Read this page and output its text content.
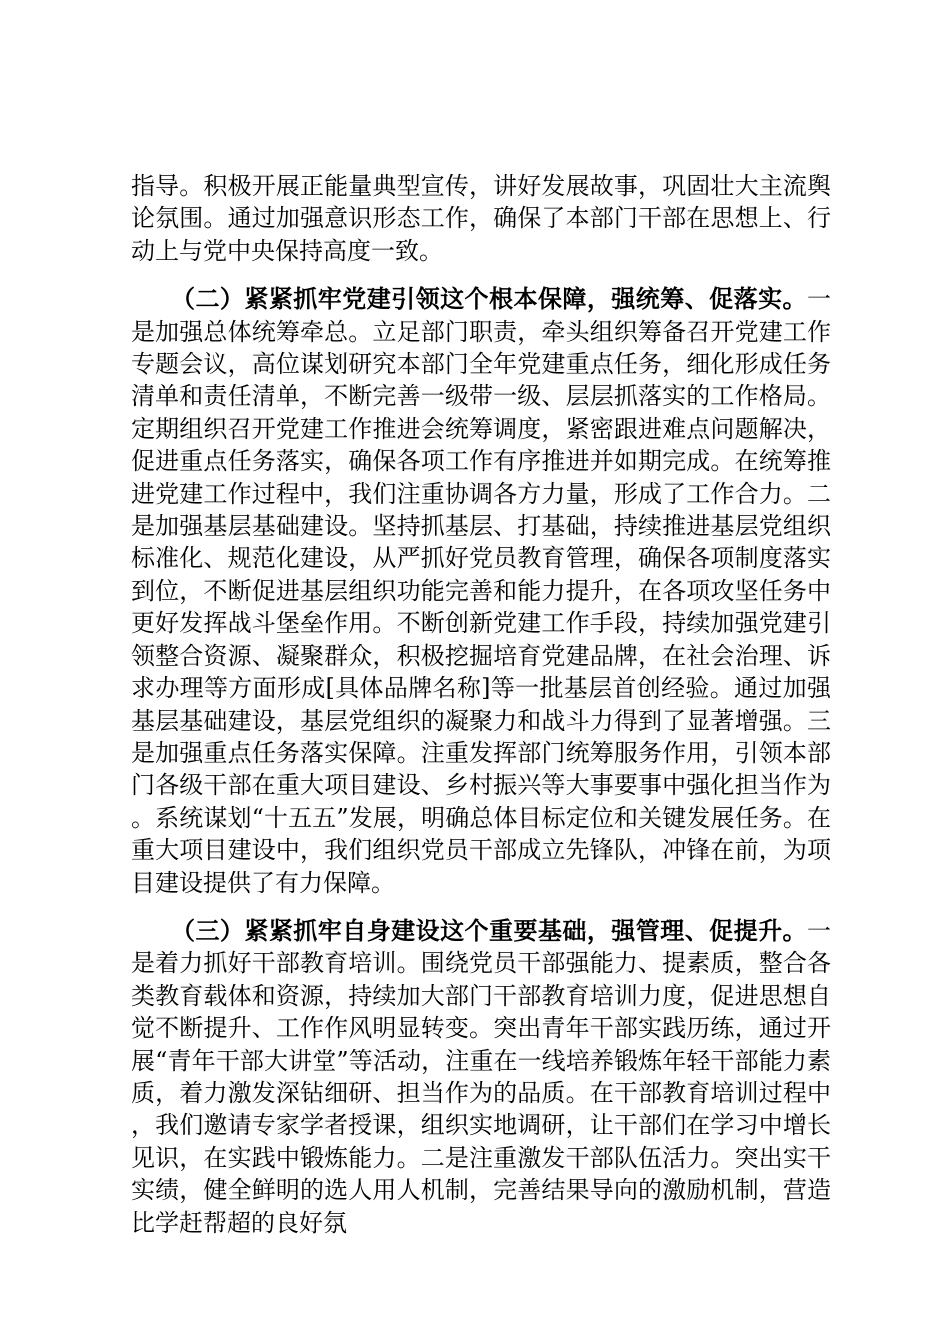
指导。积极开展正能量典型宣传，讲好发展故事，巩固壮大主流舆论氛围。通过加强意识形态工作，确保了本部门干部在思想上、行动上与党中央保持高度一致。

（二）紧紧抓牢党建引领这个根本保障，强统筹、促落实。一是加强总体统筹牵总。立足部门职责，牵头组织筹备召开党建工作专题会议，高位谋划研究本部门全年党建重点任务，细化形成任务清单和责任清单，不断完善一级带一级、层层抓落实的工作格局。定期组织召开党建工作推进会统筹调度，紧密跟进难点问题解决，促进重点任务落实，确保各项工作有序推进并如期完成。在统筹推进党建工作过程中，我们注重协调各方力量，形成了工作合力。二是加强基层基础建设。坚持抓基层、打基础，持续推进基层党组织标准化、规范化建设，从严抓好党员教育管理，确保各项制度落实到位，不断促进基层组织功能完善和能力提升，在各项攻坚任务中更好发挥战斗堡垒作用。不断创新党建工作手段，持续加强党建引领整合资源、凝聚群众，积极挖掘培育党建品牌，在社会治理、诉求办理等方面形成[具体品牌名称]等一批基层首创经验。通过加强基层基础建设，基层党组织的凝聚力和战斗力得到了显著增强。三是加强重点任务落实保障。注重发挥部门统筹服务作用，引领本部门各级干部在重大项目建设、乡村振兴等大事要事中强化担当作为。系统谋划“十五五”发展，明确总体目标定位和关键发展任务。在重大项目建设中，我们组织党员干部成立先锋队，冲锋在前，为项目建设提供了有力保障。

（三）紧紧抓牢自身建设这个重要基础，强管理、促提升。一是着力抓好干部教育培训。围绕党员干部强能力、提素质，整合各类教育载体和资源，持续加大部门干部教育培训力度，促进思想自觉不断提升、工作作风明显转变。突出青年干部实践历练，通过开展“青年干部大讲堂”等活动，注重在一线培养锻炼年轻干部能力素质，着力激发深钻细研、担当作为的品质。在干部教育培训过程中，我们邀请专家学者授课，组织实地调研，让干部们在学习中增长见识，在实践中锻炼能力。二是注重激发干部队伍活力。突出实干实绩，健全鲜明的选人用人机制，完善结果导向的激励机制，营造比学赶帮超的良好氛
